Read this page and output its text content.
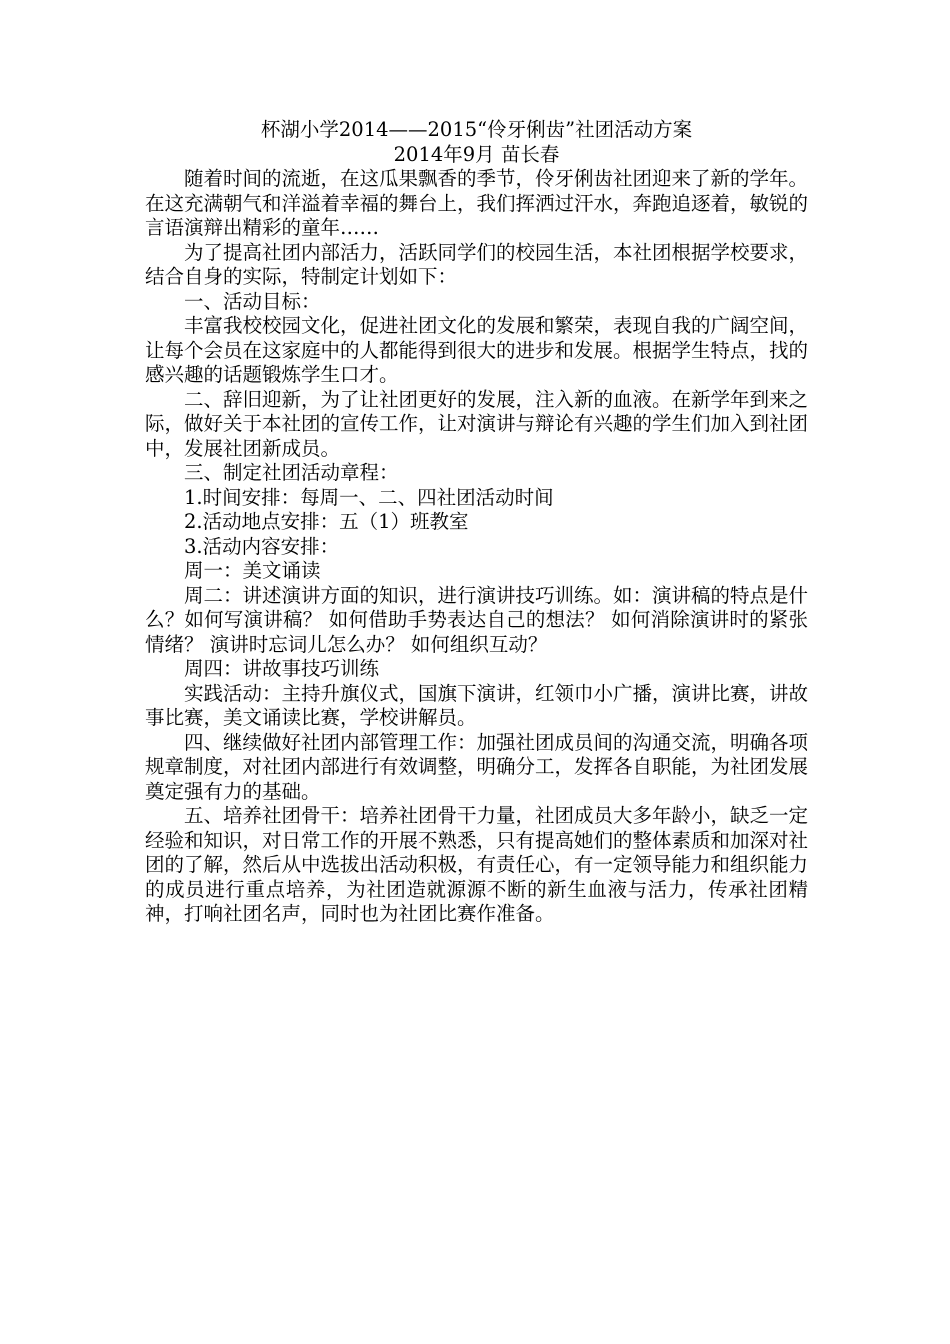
杯湖小学2014——2015“伶牙俐齿”社团活动方案

2014年9月 苗长春

随着时间的流逝，在这瓜果飘香的季节，伶牙俐齿社团迎来了新的学年。在这充满朝气和洋溢着幸福的舞台上，我们挥洒过汗水，奔跑追逐着，敏锐的言语演辩出精彩的童年……

为了提高社团内部活力，活跃同学们的校园生活，本社团根据学校要求，结合自身的实际，特制定计划如下：

一、活动目标：

丰富我校校园文化，促进社团文化的发展和繁荣，表现自我的广阔空间，让每个会员在这家庭中的人都能得到很大的进步和发展。根据学生特点，找的感兴趣的话题锻炼学生口才。

二、辞旧迎新，为了让社团更好的发展，注入新的血液。在新学年到来之际，做好关于本社团的宣传工作，让对演讲与辩论有兴趣的学生们加入到社团中，发展社团新成员。

三、制定社团活动章程：

1.时间安排：每周一、二、四社团活动时间

2.活动地点安排：五（1）班教室

3.活动内容安排：

周一：美文诵读

周二：讲述演讲方面的知识，进行演讲技巧训练。如：演讲稿的特点是什么？如何写演讲稿？ 如何借助手势表达自己的想法？ 如何消除演讲时的紧张情绪？ 演讲时忘词儿怎么办？ 如何组织互动？

周四：讲故事技巧训练

实践活动：主持升旗仪式，国旗下演讲，红领巾小广播，演讲比赛，讲故事比赛，美文诵读比赛，学校讲解员。

四、继续做好社团内部管理工作：加强社团成员间的沟通交流，明确各项规章制度，对社团内部进行有效调整，明确分工，发挥各自职能，为社团发展奠定强有力的基础。

五、培养社团骨干：培养社团骨干力量，社团成员大多年龄小，缺乏一定经验和知识，对日常工作的开展不熟悉，只有提高她们的整体素质和加深对社团的了解，然后从中选拔出活动积极，有责任心，有一定领导能力和组织能力的成员进行重点培养，为社团造就源源不断的新生血液与活力，传承社团精神，打响社团名声，同时也为社团比赛作准备。
